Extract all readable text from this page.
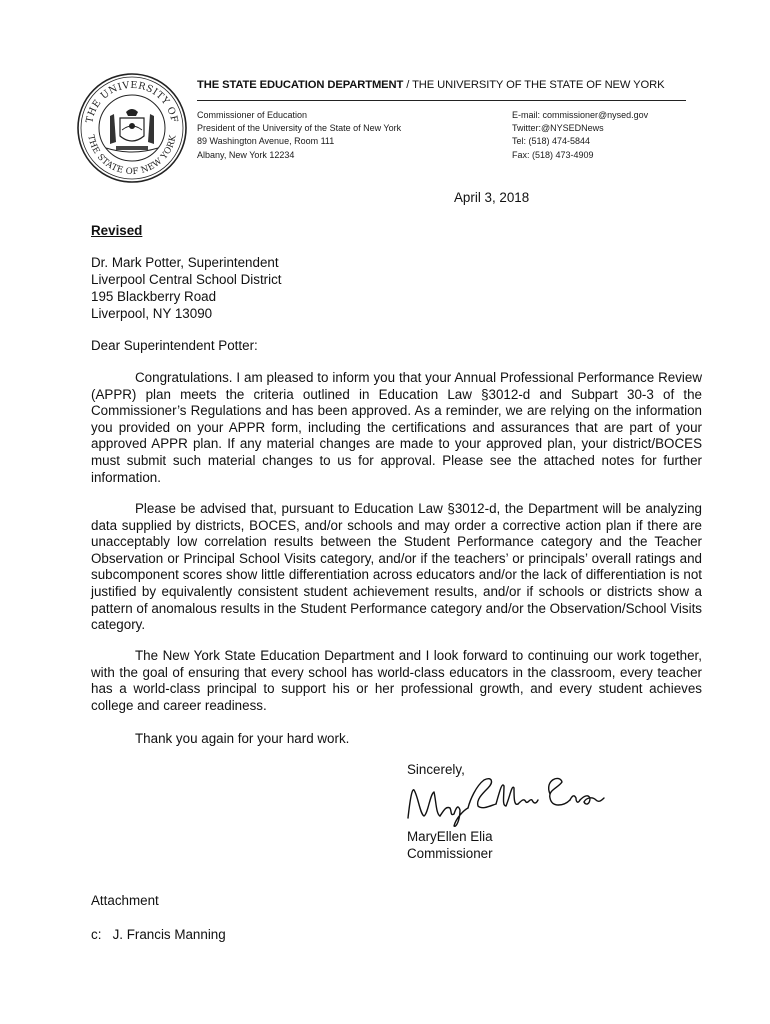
THE UNIVERSITY OF
THE STATE OF NEW YORK
THE STATE EDUCATION DEPARTMENT / THE UNIVERSITY OF THE STATE OF NEW YORK
Commissioner of Education
President of the University of the State of New York
89 Washington Avenue, Room 111
Albany, New York 12234
E-mail: commissioner@nysed.gov
Twitter:@NYSEDNews
Tel: (518) 474-5844
Fax: (518) 473-4909
April 3, 2018
Revised
Dr. Mark Potter, Superintendent
Liverpool Central School District
195 Blackberry Road
Liverpool, NY 13090
Dear Superintendent Potter:

Congratulations. I am pleased to inform you that your Annual Professional Performance Review (APPR) plan meets the criteria outlined in Education Law §3012-d and Subpart 30-3 of the Commissioner’s Regulations and has been approved. As a reminder, we are relying on the information you provided on your APPR form, including the certifications and assurances that are part of your approved APPR plan. If any material changes are made to your approved plan, your district/BOCES must submit such material changes to us for approval. Please see the attached notes for further information.

Please be advised that, pursuant to Education Law §3012-d, the Department will be analyzing data supplied by districts, BOCES, and/or schools and may order a corrective action plan if there are unacceptably low correlation results between the Student Performance category and the Teacher Observation or Principal School Visits category, and/or if the teachers’ or principals’ overall ratings and subcomponent scores show little differentiation across educators and/or the lack of differentiation is not justified by equivalently consistent student achievement results, and/or if schools or districts show a pattern of anomalous results in the Student Performance category and/or the Observation/School Visits category.

The New York State Education Department and I look forward to continuing our work together, with the goal of ensuring that every school has world-class educators in the classroom, every teacher has a world-class principal to support his or her professional growth, and every student achieves college and career readiness.

Thank you again for your hard work.
Sincerely,
MaryEllen Elia
Commissioner
Attachment
c:   J. Francis Manning
